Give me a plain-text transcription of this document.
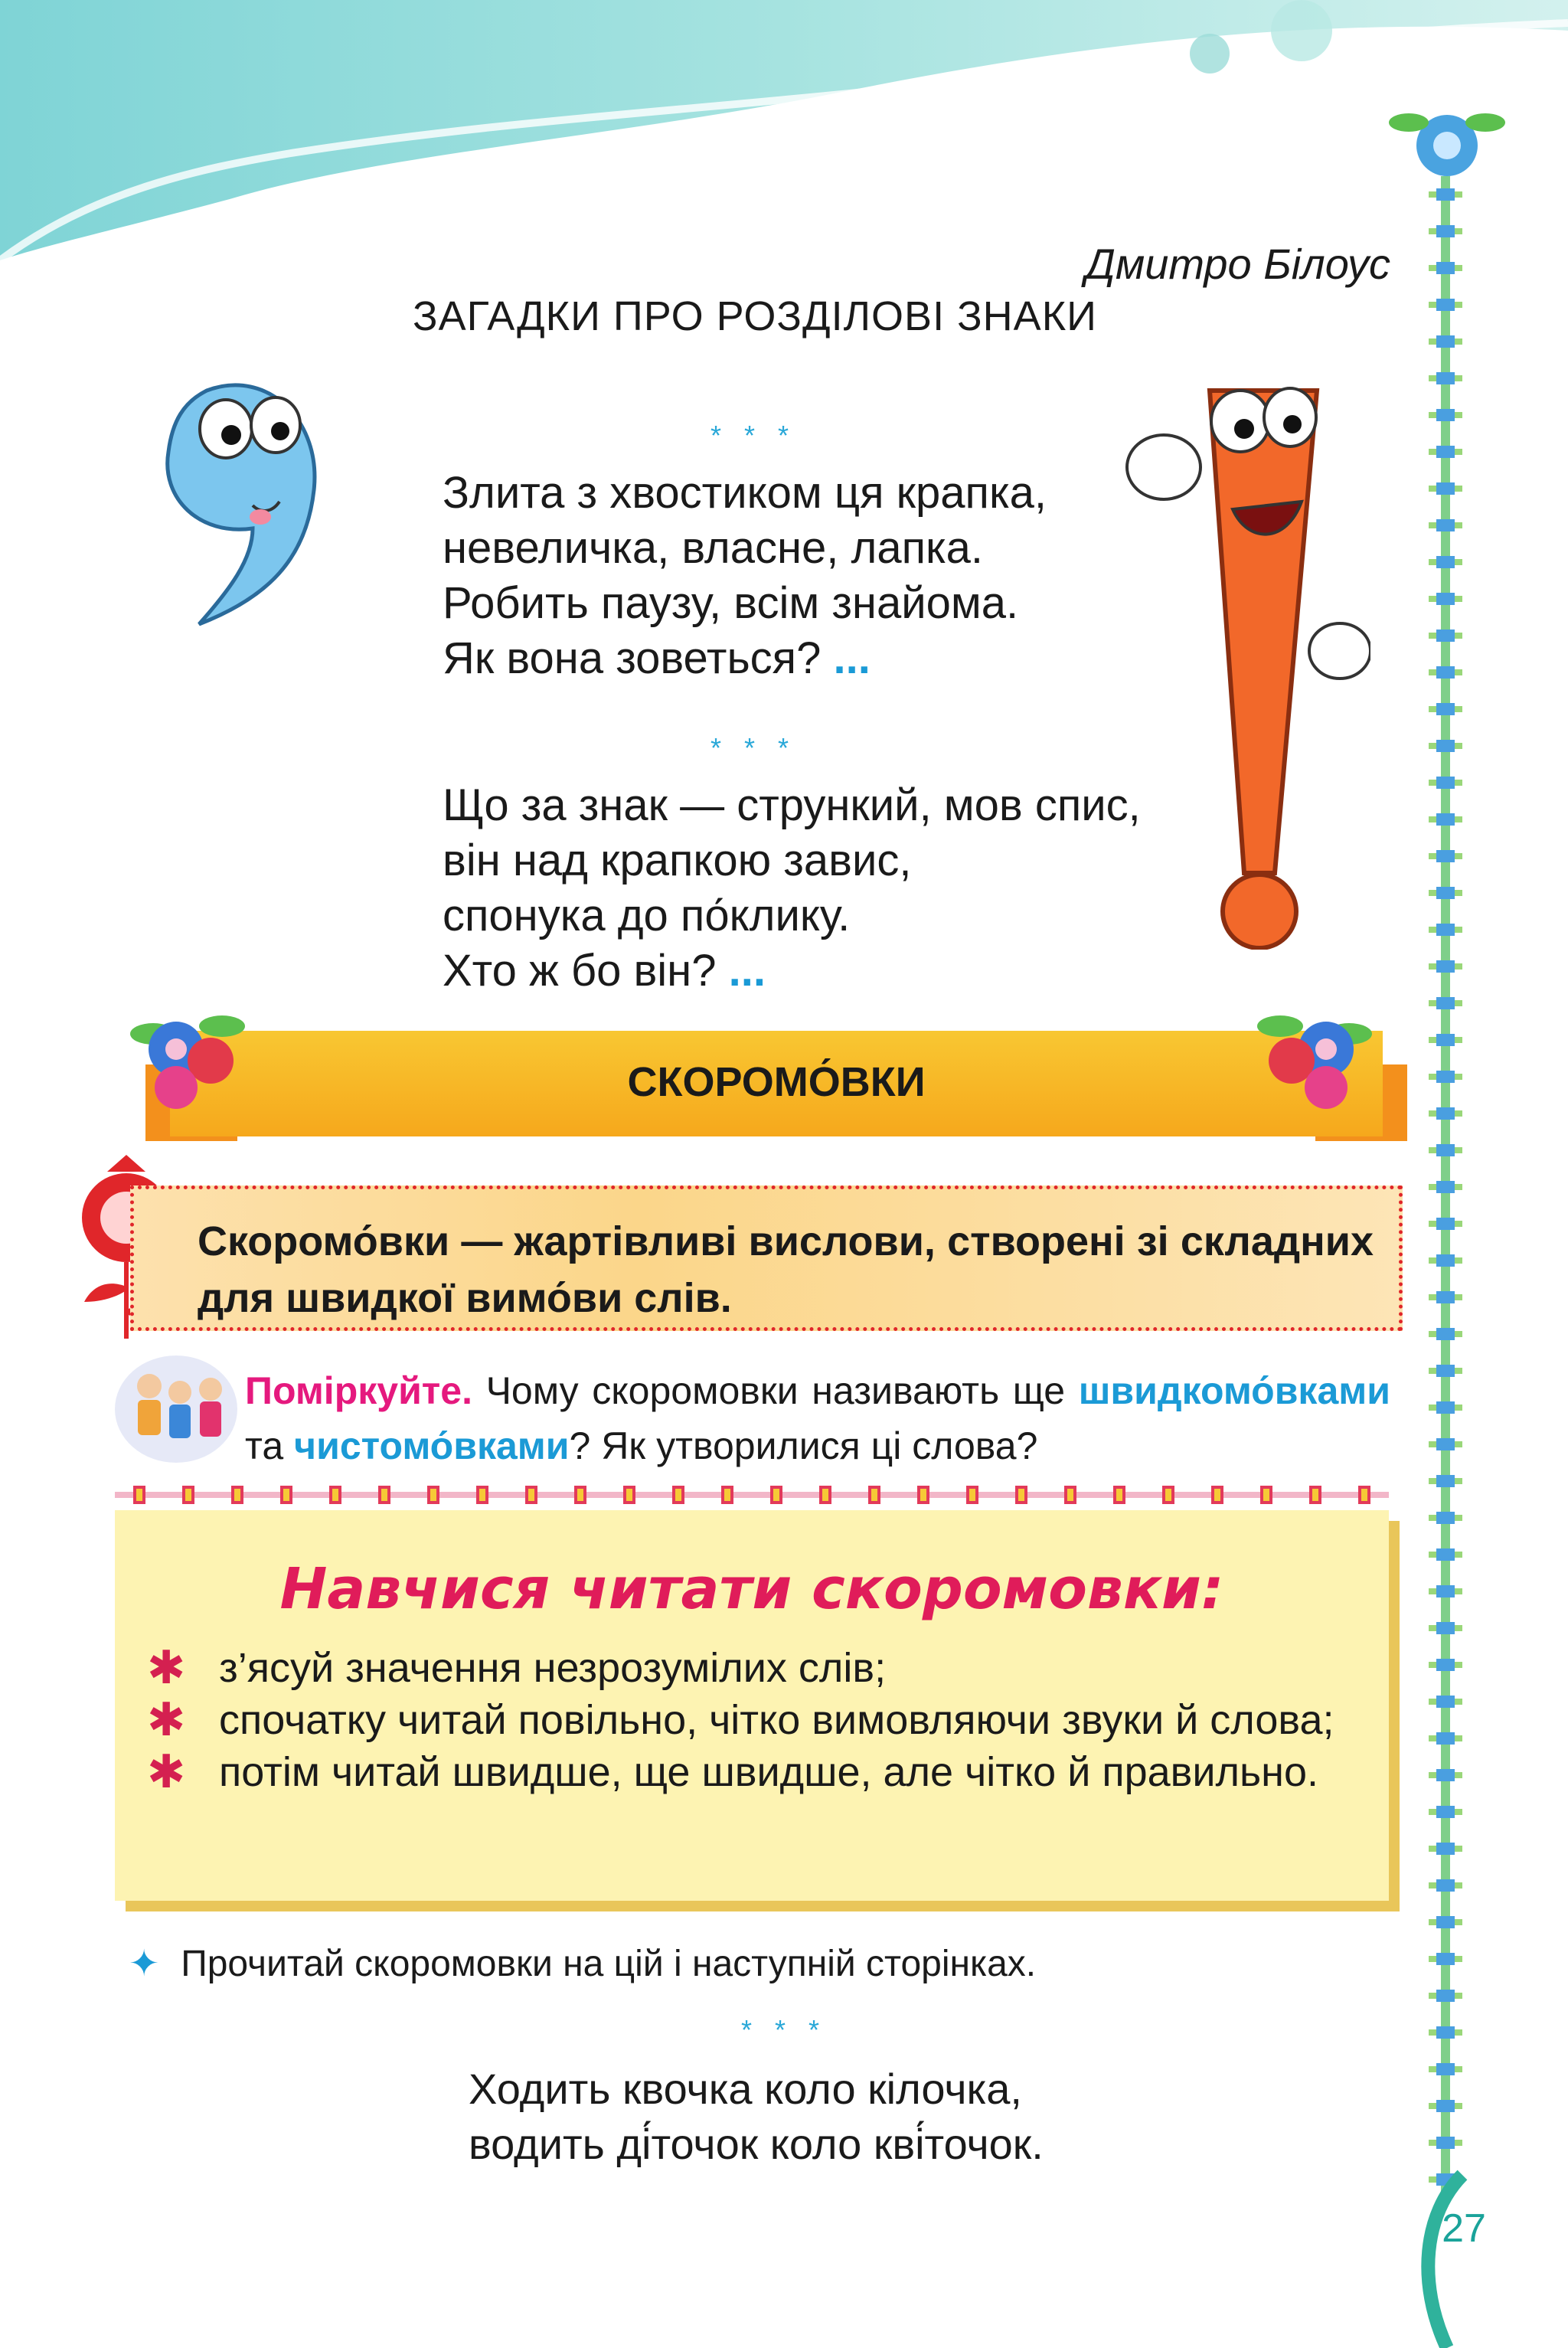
Дмитро Білоус
ЗАГАДКИ ПРО РОЗДІЛОВІ ЗНАКИ
* * *
Злита з хвостиком ця крапка,
невеличка, власне, лапка.
Робить паузу, всім знайома.
Як вона зоветься? ...
* * *
Що за знак — стрункий, мов спис,
він над крапкою завис,
спонука до по́клику.
Хто ж бо він? ...
СКОРОМО́ВКИ
Скоромо́вки — жартівливі вислови, створені зі складних для швидкої вимо́ви слів.
Поміркуйте. Чому скоромовки називають ще швидкомо́вками та чистомо́вками? Як утворилися ці слова?
Навчися читати скоромовки:
✱ з’ясуй значення незрозумілих слів;
✱ спочатку читай повільно, чітко вимовляючи звуки й слова;
✱ потім читай швидше, ще швидше, але чітко й правильно.
✦ Прочитай скоромовки на цій і наступній сторінках.
* * *
Ходить квочка коло кілочка,
водить ді́точок коло кві́точок.
27
